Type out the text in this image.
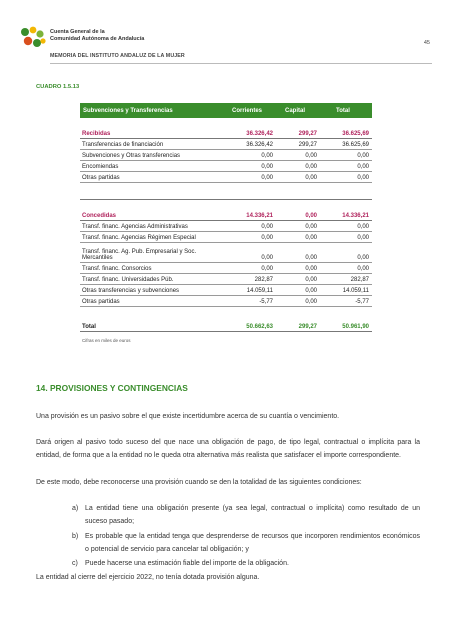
Cuenta General de la
Comunidad Autónoma de Andalucía
45
MEMORIA DEL INSTITUTO ANDALUZ DE LA MUJER
CUADRO 1.5.13
Subvenciones y Transferencias	Corrientes	Capital	Total
Recibidas	36.326,42	299,27	36.625,69
Transferencias de financiación	36.326,42	299,27	36.625,69
Subvenciones y Otras transferencias	0,00	0,00	0,00
Encomiendas	0,00	0,00	0,00
Otras partidas	0,00	0,00	0,00
Concedidas	14.336,21	0,00	14.336,21
Transf. financ. Agencias Administrativas	0,00	0,00	0,00
Transf. financ. Agencias Régimen Especial	0,00	0,00	0,00
Transf. financ. Ag. Pub. Empresarial y Soc.
Mercantiles	0,00	0,00	0,00
Transf. financ. Consorcios	0,00	0,00	0,00
Transf. financ. Universidades Púb.	282,87	0,00	282,87
Otras transferencias y subvenciones	14.059,11	0,00	14.059,11
Otras partidas	-5,77	0,00	-5,77
Total	50.662,63	299,27	50.961,90
Cifras en miles de euros
14. PROVISIONES Y CONTINGENCIAS
Una provisión es un pasivo sobre el que existe incertidumbre acerca de su cuantía o vencimiento.
Dará origen al pasivo todo suceso del que nace una obligación de pago, de tipo legal, contractual o implícita para la entidad, de forma que a la entidad no le queda otra alternativa más realista que satisfacer el importe correspondiente.
De este modo, debe reconocerse una provisión cuando se den la totalidad de las siguientes condiciones:
a) La entidad tiene una obligación presente (ya sea legal, contractual o implícita) como resultado de un suceso pasado;
b) Es probable que la entidad tenga que desprenderse de recursos que incorporen rendimientos económicos o potencial de servicio para cancelar tal obligación; y
c) Puede hacerse una estimación fiable del importe de la obligación.
La entidad al cierre del ejercicio 2022, no tenía dotada provisión alguna.
